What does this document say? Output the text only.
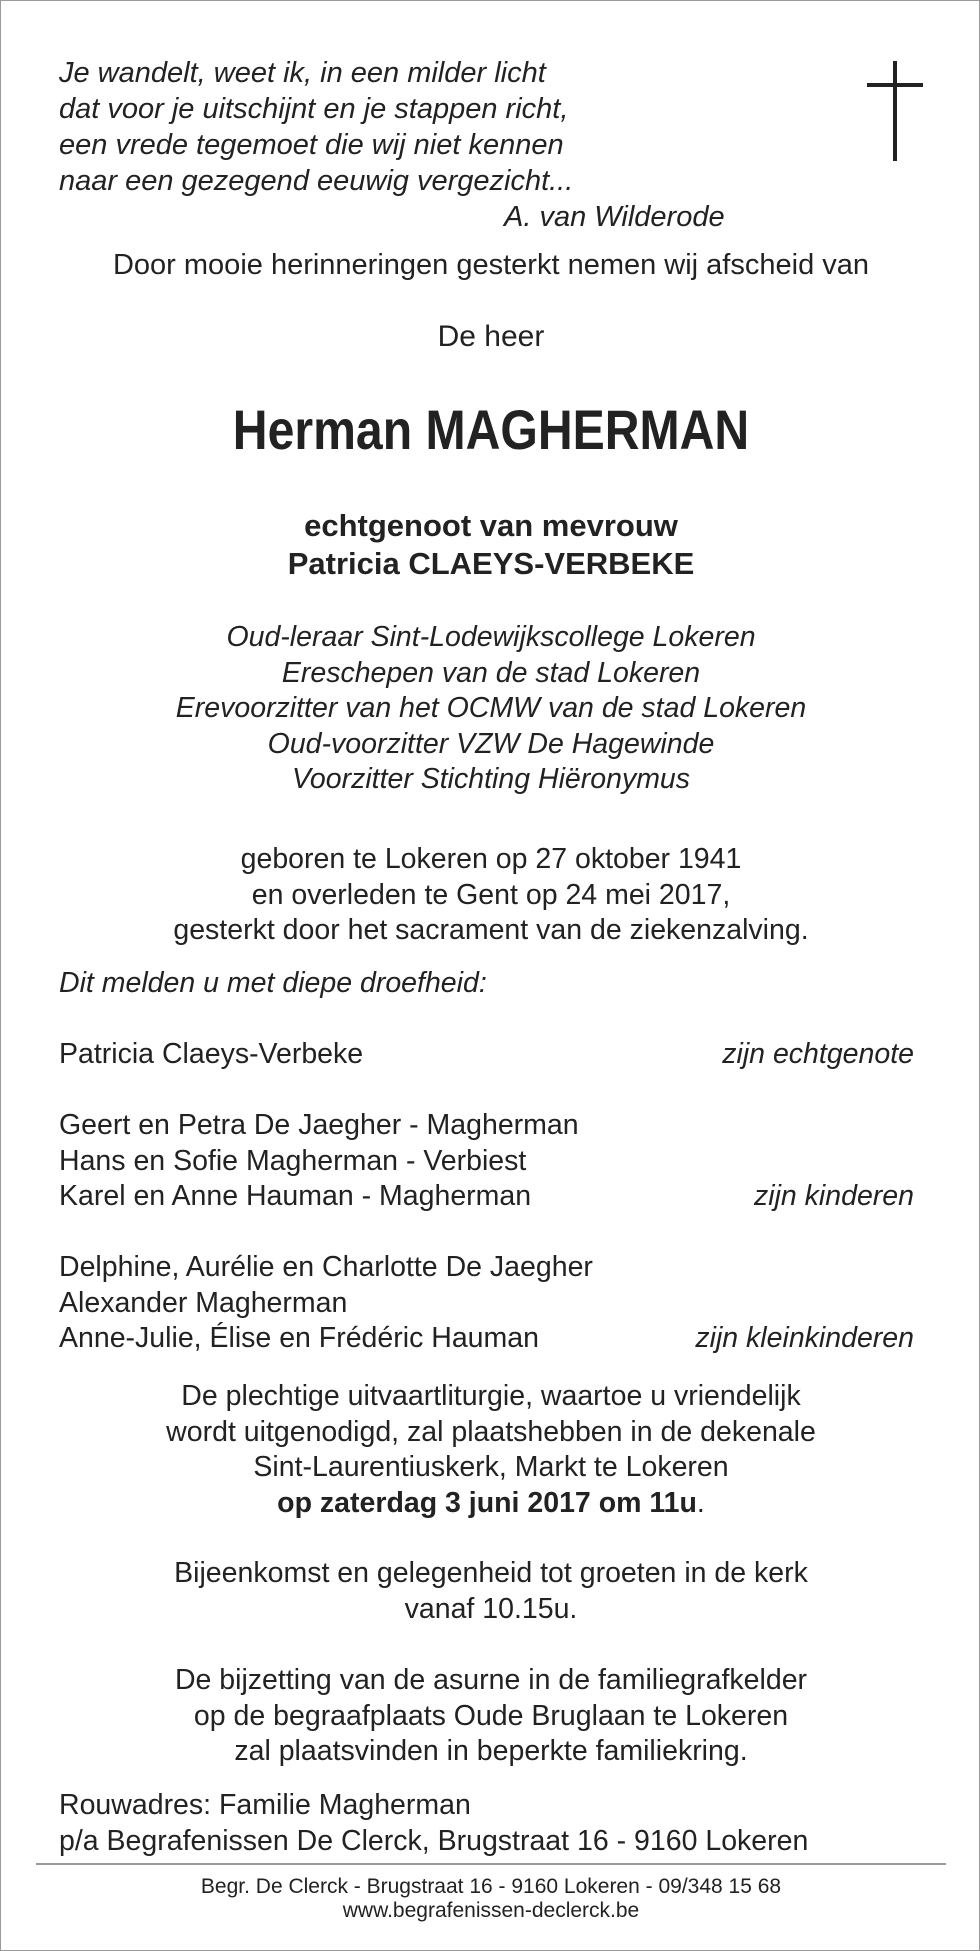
Je wandelt, weet ik, in een milder licht
dat voor je uitschijnt en je stappen richt,
een vrede tegemoet die wij niet kennen
naar een gezegend eeuwig vergezicht...
A. van Wilderode
Door mooie herinneringen gesterkt nemen wij afscheid van
De heer
Herman MAGHERMAN
echtgenoot van mevrouw
Patricia CLAEYS-VERBEKE
Oud-leraar Sint-Lodewijkscollege Lokeren
Ereschepen van de stad Lokeren
Erevoorzitter van het OCMW van de stad Lokeren
Oud-voorzitter VZW De Hagewinde
Voorzitter Stichting Hiëronymus
geboren te Lokeren op 27 oktober 1941
en overleden te Gent op 24 mei 2017,
gesterkt door het sacrament van de ziekenzalving.
Dit melden u met diepe droefheid:
Patricia Claeys-Verbeke	zijn echtgenote
Geert en Petra De Jaegher - Magherman
Hans en Sofie Magherman - Verbiest
Karel en Anne Hauman - Magherman	zijn kinderen
Delphine, Aurélie en Charlotte De Jaegher
Alexander Magherman
Anne-Julie, Élise en Frédéric Hauman	zijn kleinkinderen
De plechtige uitvaartliturgie, waartoe u vriendelijk
wordt uitgenodigd, zal plaatshebben in de dekenale
Sint-Laurentiuskerk, Markt te Lokeren
op zaterdag 3 juni 2017 om 11u.
Bijeenkomst en gelegenheid tot groeten in de kerk
vanaf 10.15u.
De bijzetting van de asurne in de familiegrafkelder
op de begraafplaats Oude Bruglaan te Lokeren
zal plaatsvinden in beperkte familiekring.
Rouwadres: Familie Magherman
p/a Begrafenissen De Clerck, Brugstraat 16 - 9160 Lokeren
Begr. De Clerck - Brugstraat 16 - 9160 Lokeren - 09/348 15 68
www.begrafenissen-declerck.be
